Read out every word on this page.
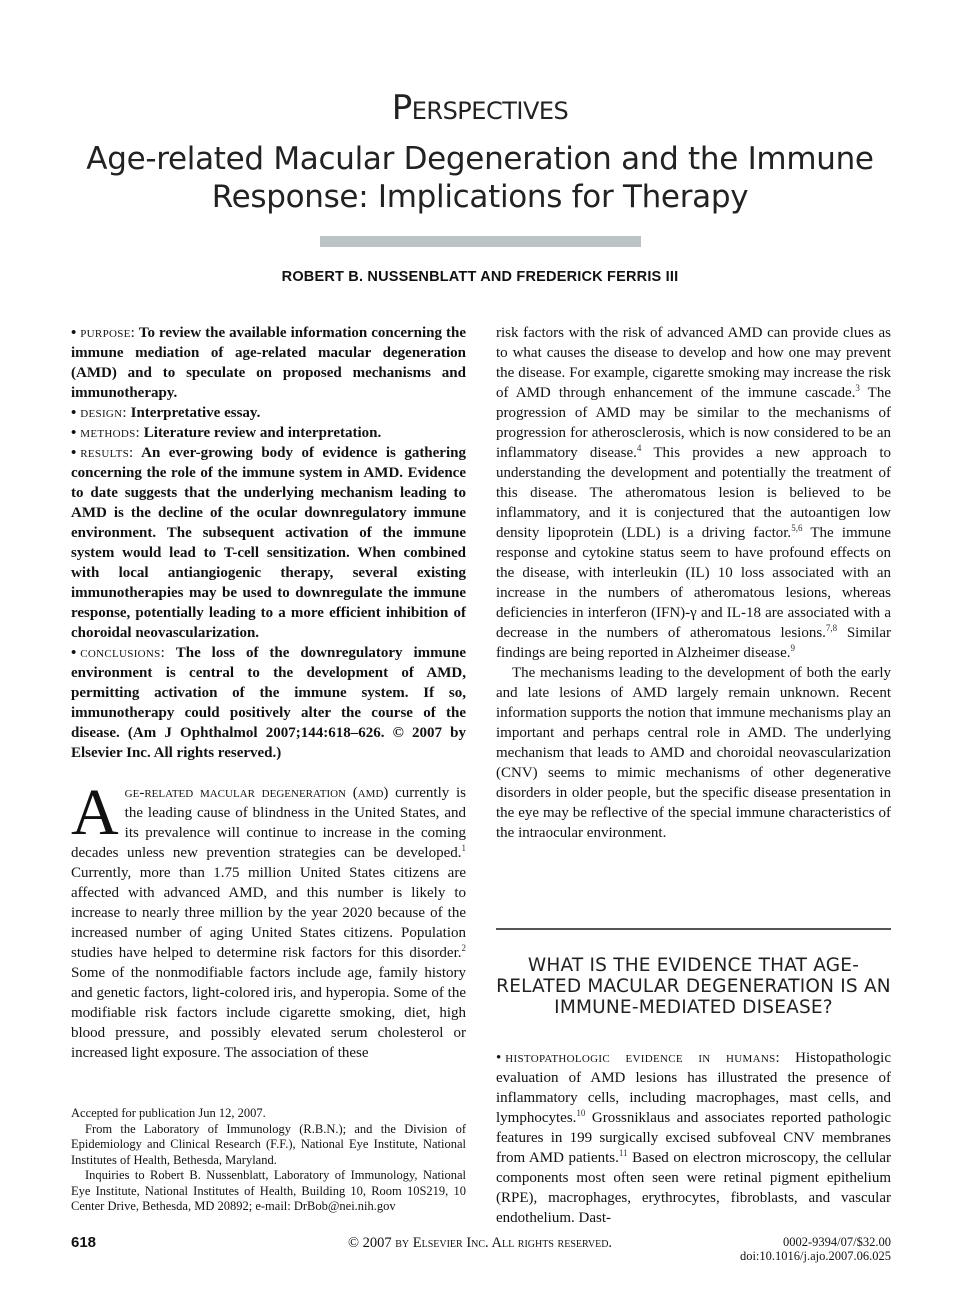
Perspectives
Age-related Macular Degeneration and the Immune Response: Implications for Therapy
ROBERT B. NUSSENBLATT AND FREDERICK FERRIS III

• purpose: To review the available information concerning the immune mediation of age-related macular degeneration (AMD) and to speculate on proposed mechanisms and immunotherapy.

• design: Interpretative essay.

• methods: Literature review and interpretation.

• results: An ever-growing body of evidence is gathering concerning the role of the immune system in AMD. Evidence to date suggests that the underlying mechanism leading to AMD is the decline of the ocular downregulatory immune environment. The subsequent activation of the immune system would lead to T-cell sensitization. When combined with local antiangiogenic therapy, several existing immunotherapies may be used to downregulate the immune response, potentially leading to a more efficient inhibition of choroidal neovascularization.

• conclusions: The loss of the downregulatory immune environment is central to the development of AMD, permitting activation of the immune system. If so, immunotherapy could positively alter the course of the disease. (Am J Ophthalmol 2007;144:618–626. © 2007 by Elsevier Inc. All rights reserved.)

Age-related macular degeneration (amd) currently is the leading cause of blindness in the United States, and its prevalence will continue to increase in the coming decades unless new prevention strategies can be developed.$^1$ Currently, more than 1.75 million United States citizens are affected with advanced AMD, and this number is likely to increase to nearly three million by the year 2020 because of the increased number of aging United States citizens. Population studies have helped to determine risk factors for this disorder.$^2$ Some of the nonmodifiable factors include age, family history and genetic factors, light-colored iris, and hyperopia. Some of the modifiable risk factors include cigarette smoking, diet, high blood pressure, and possibly elevated serum cholesterol or increased light exposure. The association of these

Accepted for publication Jun 12, 2007.

From the Laboratory of Immunology (R.B.N.); and the Division of Epidemiology and Clinical Research (F.F.), National Eye Institute, National Institutes of Health, Bethesda, Maryland.

Inquiries to Robert B. Nussenblatt, Laboratory of Immunology, National Eye Institute, National Institutes of Health, Building 10, Room 10S219, 10 Center Drive, Bethesda, MD 20892; e-mail: DrBob@nei.nih.gov

risk factors with the risk of advanced AMD can provide clues as to what causes the disease to develop and how one may prevent the disease. For example, cigarette smoking may increase the risk of AMD through enhancement of the immune cascade.$^3$ The progression of AMD may be similar to the mechanisms of progression for atherosclerosis, which is now considered to be an inflammatory disease.$^4$ This provides a new approach to understanding the development and potentially the treatment of this disease. The atheromatous lesion is believed to be inflammatory, and it is conjectured that the autoantigen low density lipoprotein (LDL) is a driving factor.$^{5,6}$ The immune response and cytokine status seem to have profound effects on the disease, with interleukin (IL) 10 loss associated with an increase in the numbers of atheromatous lesions, whereas deficiencies in interferon (IFN)-γ and IL-18 are associated with a decrease in the numbers of atheromatous lesions.$^{7,8}$ Similar findings are being reported in Alzheimer disease.$^9$

The mechanisms leading to the development of both the early and late lesions of AMD largely remain unknown. Recent information supports the notion that immune mechanisms play an important and perhaps central role in AMD. The underlying mechanism that leads to AMD and choroidal neovascularization (CNV) seems to mimic mechanisms of other degenerative disorders in older people, but the specific disease presentation in the eye may be reflective of the special immune characteristics of the intraocular environment.

WHAT IS THE EVIDENCE THAT AGE-RELATED MACULAR DEGENERATION IS AN IMMUNE-MEDIATED DISEASE?

• histopathologic evidence in humans: Histopathologic evaluation of AMD lesions has illustrated the presence of inflammatory cells, including macrophages, mast cells, and lymphocytes.$^{10}$ Grossniklaus and associates reported pathologic features in 199 surgically excised subfoveal CNV membranes from AMD patients.$^{11}$ Based on electron microscopy, the cellular components most often seen were retinal pigment epithelium (RPE), macrophages, erythrocytes, fibroblasts, and vascular endothelium. Dast-

618	© 2007 by Elsevier Inc. All rights reserved.	0002-9394/07/$32.00
doi:10.1016/j.ajo.2007.06.025
